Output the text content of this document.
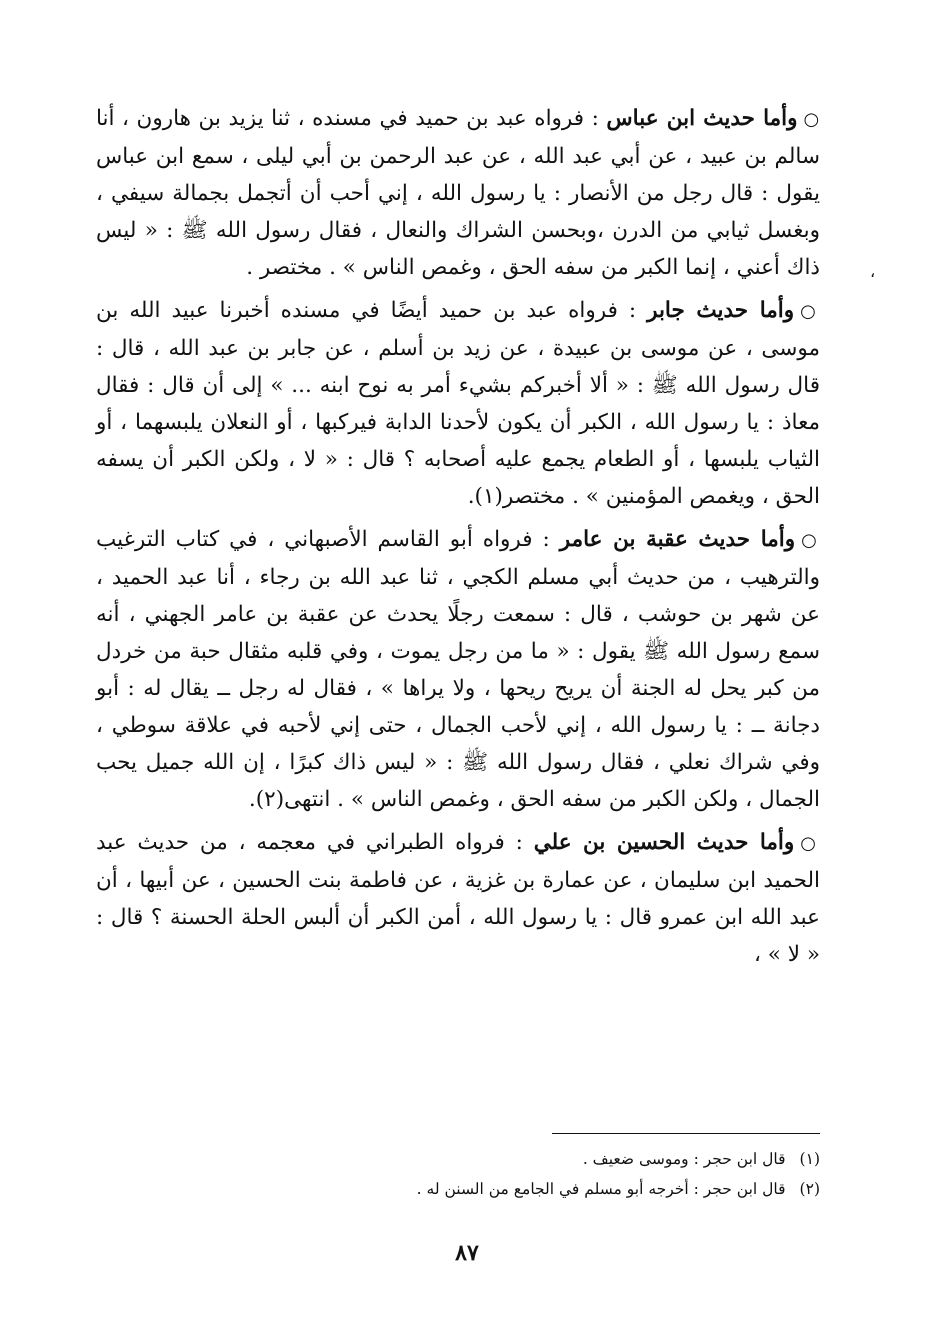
○وأما حديث ابن عباس : فرواه عبد بن حميد في مسنده ، ثنا يزيد بن هارون ، أنا سالم بن عبيد ، عن أبي عبد الله ، عن عبد الرحمن بن أبي ليلى ، سمع ابن عباس يقول : قال رجل من الأنصار : يا رسول الله ، إني أحب أن أتجمل بجمالة سيفي ، وبغسل ثيابي من الدرن ،وبحسن الشراك والنعال ، فقال رسول الله ﷺ : « ليس ذاك أعني ، إنما الكبر من سفه الحق ، وغمص الناس » . مختصر .

○وأما حديث جابر : فرواه عبد بن حميد أيضًا في مسنده أخبرنا عبيد الله بن موسى ، عن موسى بن عبيدة ، عن زيد بن أسلم ، عن جابر بن عبد الله ، قال : قال رسول الله ﷺ : « ألا أخبركم بشيء أمر به نوح ابنه ... » إلى أن قال : فقال معاذ : يا رسول الله ، الكبر أن يكون لأحدنا الدابة فيركبها ، أو النعلان يلبسهما ، أو الثياب يلبسها ، أو الطعام يجمع عليه أصحابه ؟ قال : « لا ، ولكن الكبر أن يسفه الحق ، ويغمص المؤمنين » . مختصر(١).

○وأما حديث عقبة بن عامر : فرواه أبو القاسم الأصبهاني ، في كتاب الترغيب والترهيب ، من حديث أبي مسلم الكجي ، ثنا عبد الله بن رجاء ، أنا عبد الحميد ، عن شهر بن حوشب ، قال : سمعت رجلًا يحدث عن عقبة بن عامر الجهني ، أنه سمع رسول الله ﷺ يقول : « ما من رجل يموت ، وفي قلبه مثقال حبة من خردل من كبر يحل له الجنة أن يريح ريحها ، ولا يراها » ، فقال له رجل ــ يقال له : أبو دجانة ــ : يا رسول الله ، إني لأحب الجمال ، حتى إني لأحبه في علاقة سوطي ، وفي شراك نعلي ، فقال رسول الله ﷺ : « ليس ذاك كبرًا ، إن الله جميل يحب الجمال ، ولكن الكبر من سفه الحق ، وغمص الناس » . انتهى(٢).

○وأما حديث الحسين بن علي : فرواه الطبراني في معجمه ، من حديث عبد الحميد ابن سليمان ، عن عمارة بن غزية ، عن فاطمة بنت الحسين ، عن أبيها ، أن عبد الله ابن عمرو قال : يا رسول الله ، أمن الكبر أن ألبس الحلة الحسنة ؟ قال : « لا » ،

،

(١)قال ابن حجر : وموسى ضعيف .

(٢)قال ابن حجر : أخرجه أبو مسلم في الجامع من السنن له .

٨٧
